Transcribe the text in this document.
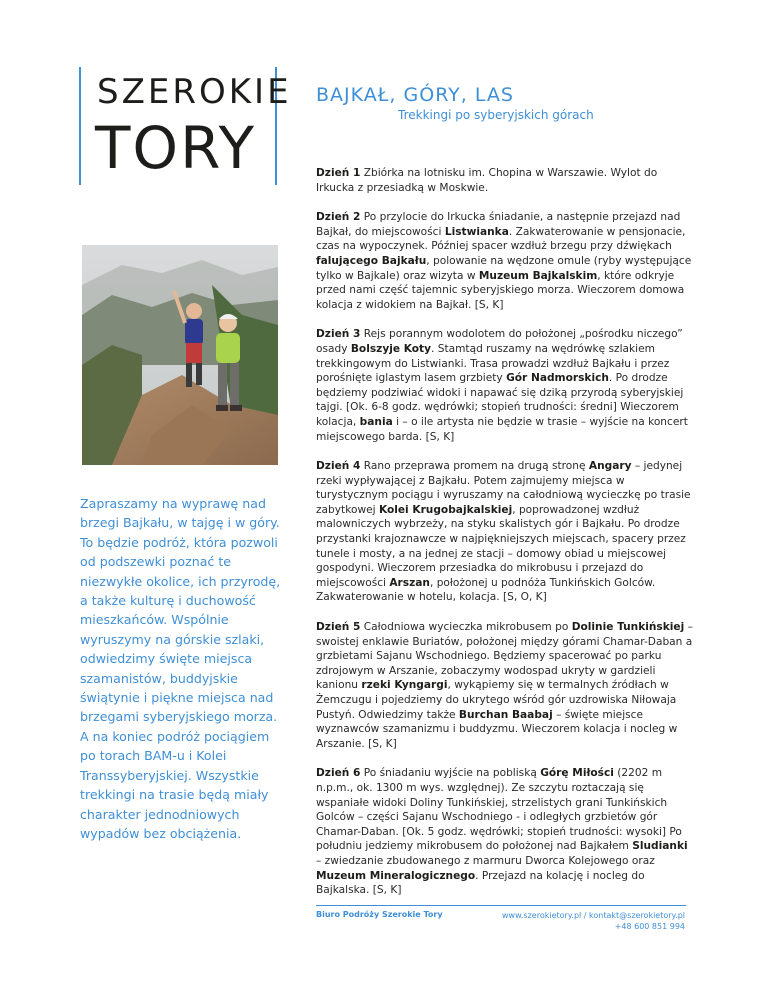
SZEROKIE
TORY
BAJKAŁ, GÓRY, LAS
Trekkingi po syberyjskich górach
Zapraszamy na wyprawę nad brzegi Bajkału, w tajgę i w góry. To będzie podróż, która pozwoli od podszewki poznać te niezwykłe okolice, ich przyrodę, a także kulturę i duchowość mieszkańców. Wspólnie wyruszymy na górskie szlaki, odwiedzimy święte miejsca szamanistów, buddyjskie świątynie i piękne miejsca nad brzegami syberyjskiego morza. A na koniec podróż pociągiem po torach BAM-u i Kolei Transsyberyjskiej. Wszystkie trekkingi na trasie będą miały charakter jednodniowych wypadów bez obciążenia.

Dzień 1 Zbiórka na lotnisku im. Chopina w Warszawie. Wylot do Irkucka z przesiadką w Moskwie.

Dzień 2 Po przylocie do Irkucka śniadanie, a następnie przejazd nad Bajkał, do miejscowości Listwianka. Zakwaterowanie w pensjonacie, czas na wypoczynek. Później spacer wzdłuż brzegu przy dźwiękach falującego Bajkału, polowanie na wędzone omule (ryby występujące tylko w Bajkale) oraz wizyta w Muzeum Bajkalskim, które odkryje przed nami część tajemnic syberyjskiego morza. Wieczorem domowa kolacja z widokiem na Bajkał. [S, K]

Dzień 3 Rejs porannym wodolotem do położonej „pośrodku niczego” osady Bolszyje Koty. Stamtąd ruszamy na wędrówkę szlakiem trekkingowym do Listwianki. Trasa prowadzi wzdłuż Bajkału i przez porośnięte iglastym lasem grzbiety Gór Nadmorskich. Po drodze będziemy podziwiać widoki i napawać się dziką przyrodą syberyjskiej tajgi. [Ok. 6-8 godz. wędrówki; stopień trudności: średni] Wieczorem kolacja, bania i – o ile artysta nie będzie w trasie – wyjście na koncert miejscowego barda. [S, K]

Dzień 4 Rano przeprawa promem na drugą stronę Angary – jedynej rzeki wypływającej z Bajkału. Potem zajmujemy miejsca w turystycznym pociągu i wyruszamy na całodniową wycieczkę po trasie zabytkowej Kolei Krugobajkalskiej, poprowadzonej wzdłuż malowniczych wybrzeży, na styku skalistych gór i Bajkału. Po drodze przystanki krajoznawcze w najpiękniejszych miejscach, spacery przez tunele i mosty, a na jednej ze stacji – domowy obiad u miejscowej gospodyni. Wieczorem przesiadka do mikrobusu i przejazd do miejscowości Arszan, położonej u podnóża Tunkińskich Golców. Zakwaterowanie w hotelu, kolacja. [S, O, K]

Dzień 5 Całodniowa wycieczka mikrobusem po Dolinie Tunkińskiej – swoistej enklawie Buriatów, położonej między górami Chamar-Daban a grzbietami Sajanu Wschodniego. Będziemy spacerować po parku zdrojowym w Arszanie, zobaczymy wodospad ukryty w gardzieli kanionu rzeki Kyngargi, wykąpiemy się w termalnych źródłach w Żemczugu i pojedziemy do ukrytego wśród gór uzdrowiska Niłowaja Pustyń. Odwiedzimy także Burchan Baabaj – święte miejsce wyznawców szamanizmu i buddyzmu. Wieczorem kolacja i nocleg w Arszanie. [S, K]

Dzień 6 Po śniadaniu wyjście na pobliską Górę Miłości (2202 m n.p.m., ok. 1300 m wys. względnej). Ze szczytu roztaczają się wspaniałe widoki Doliny Tunkińskiej, strzelistych grani Tunkińskich Golców – części Sajanu Wschodniego - i odległych grzbietów gór Chamar-Daban. [Ok. 5 godz. wędrówki; stopień trudności: wysoki] Po południu jedziemy mikrobusem do położonej nad Bajkałem Sludianki – zwiedzanie zbudowanego z marmuru Dworca Kolejowego oraz Muzeum Mineralogicznego. Przejazd na kolację i nocleg do Bajkalska. [S, K]

Biuro Podróży Szerokie Tory	www.szerokietory.pl / kontakt@szerokietory.pl
+48 600 851 994
